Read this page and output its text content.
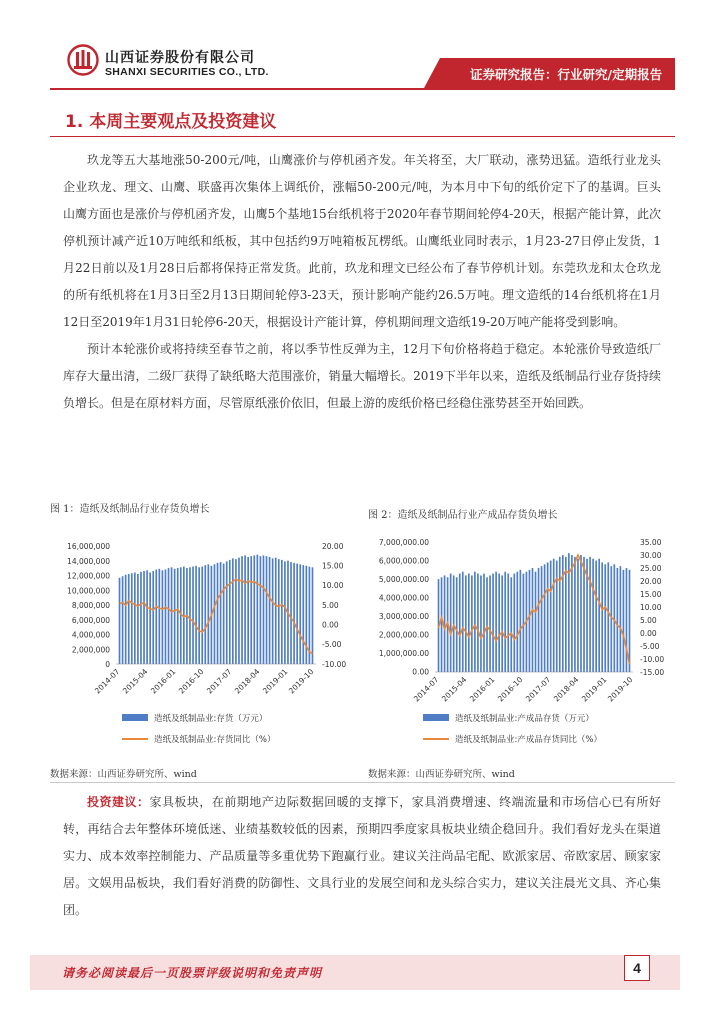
山西证券股份有限公司
SHANXI SECURITIES CO., LTD.	证券研究报告：行业研究/定期报告
1. 本周主要观点及投资建议

玖龙等五大基地涨50-200元/吨，山鹰涨价与停机函齐发。年关将至，大厂联动，涨势迅猛。造纸行业龙头企业玖龙、理文、山鹰、联盛再次集体上调纸价，涨幅50-200元/吨，为本月中下旬的纸价定下了的基调。巨头山鹰方面也是涨价与停机函齐发，山鹰5个基地15台纸机将于2020年春节期间轮停4-20天，根据产能计算，此次停机预计减产近10万吨纸和纸板，其中包括约9万吨箱板瓦楞纸。山鹰纸业同时表示，1月23-27日停止发货，1月22日前以及1月28日后都将保持正常发货。此前，玖龙和理文已经公布了春节停机计划。东莞玖龙和太仓玖龙的所有纸机将在1月3日至2月13日期间轮停3-23天，预计影响产能约26.5万吨。理文造纸的14台纸机将在1月12日至2019年1月31日轮停6-20天，根据设计产能计算，停机期间理文造纸19-20万吨产能将受到影响。

预计本轮涨价或将持续至春节之前，将以季节性反弹为主，12月下旬价格将趋于稳定。本轮涨价导致造纸厂库存大量出清，二级厂获得了缺纸略大范围涨价，销量大幅增长。2019下半年以来，造纸及纸制品行业存货持续负增长。但是在原材料方面，尽管原纸涨价依旧，但最上游的废纸价格已经稳住涨势甚至开始回跌。

图 1：造纸及纸制品行业存货负增长
图 2：造纸及纸制品行业产成品存货负增长
16,000,000
14,000,000
12,000,000
10,000,000
8,000,000
6,000,000
4,000,000
2,000,000
0
20.00
15.00
10.00
5.00
0.00
-5.00
-10.00
2014-07 2015-04 2016-01 2016-10 2017-07 2018-04 2019-01
2019-10
造纸及纸制品业:存货（万元）
造纸及纸制品业:存货同比（%）
7,000,000.00
6,000,000.00
5,000,000.00
4,000,000.00
3,000,000.00
2,000,000.00
1,000,000.00
0.00
35.00
30.00
25.00
20.00
15.00
10.00
5.00
0.00
-5.00
-10.00
-15.00
2014-07 2015-04 2016-01 2016-10 2017-07 2018-04 2019-01
2019-10
造纸及纸制品业:产成品存货（万元）
造纸及纸制品业:产成品存货同比（%）
数据来源：山西证券研究所、wind	数据来源：山西证券研究所、wind

投资建议：家具板块，在前期地产边际数据回暖的支撑下，家具消费增速、终端流量和市场信心已有所好转，再结合去年整体环境低迷、业绩基数较低的因素，预期四季度家具板块业绩企稳回升。我们看好龙头在渠道实力、成本效率控制能力、产品质量等多重优势下跑赢行业。建议关注尚品宅配、欧派家居、帝欧家居、顾家家居。文娱用品板块，我们看好消费的防御性、文具行业的发展空间和龙头综合实力，建议关注晨光文具、齐心集团。

请务必阅读最后一页股票评级说明和免责声明	4
